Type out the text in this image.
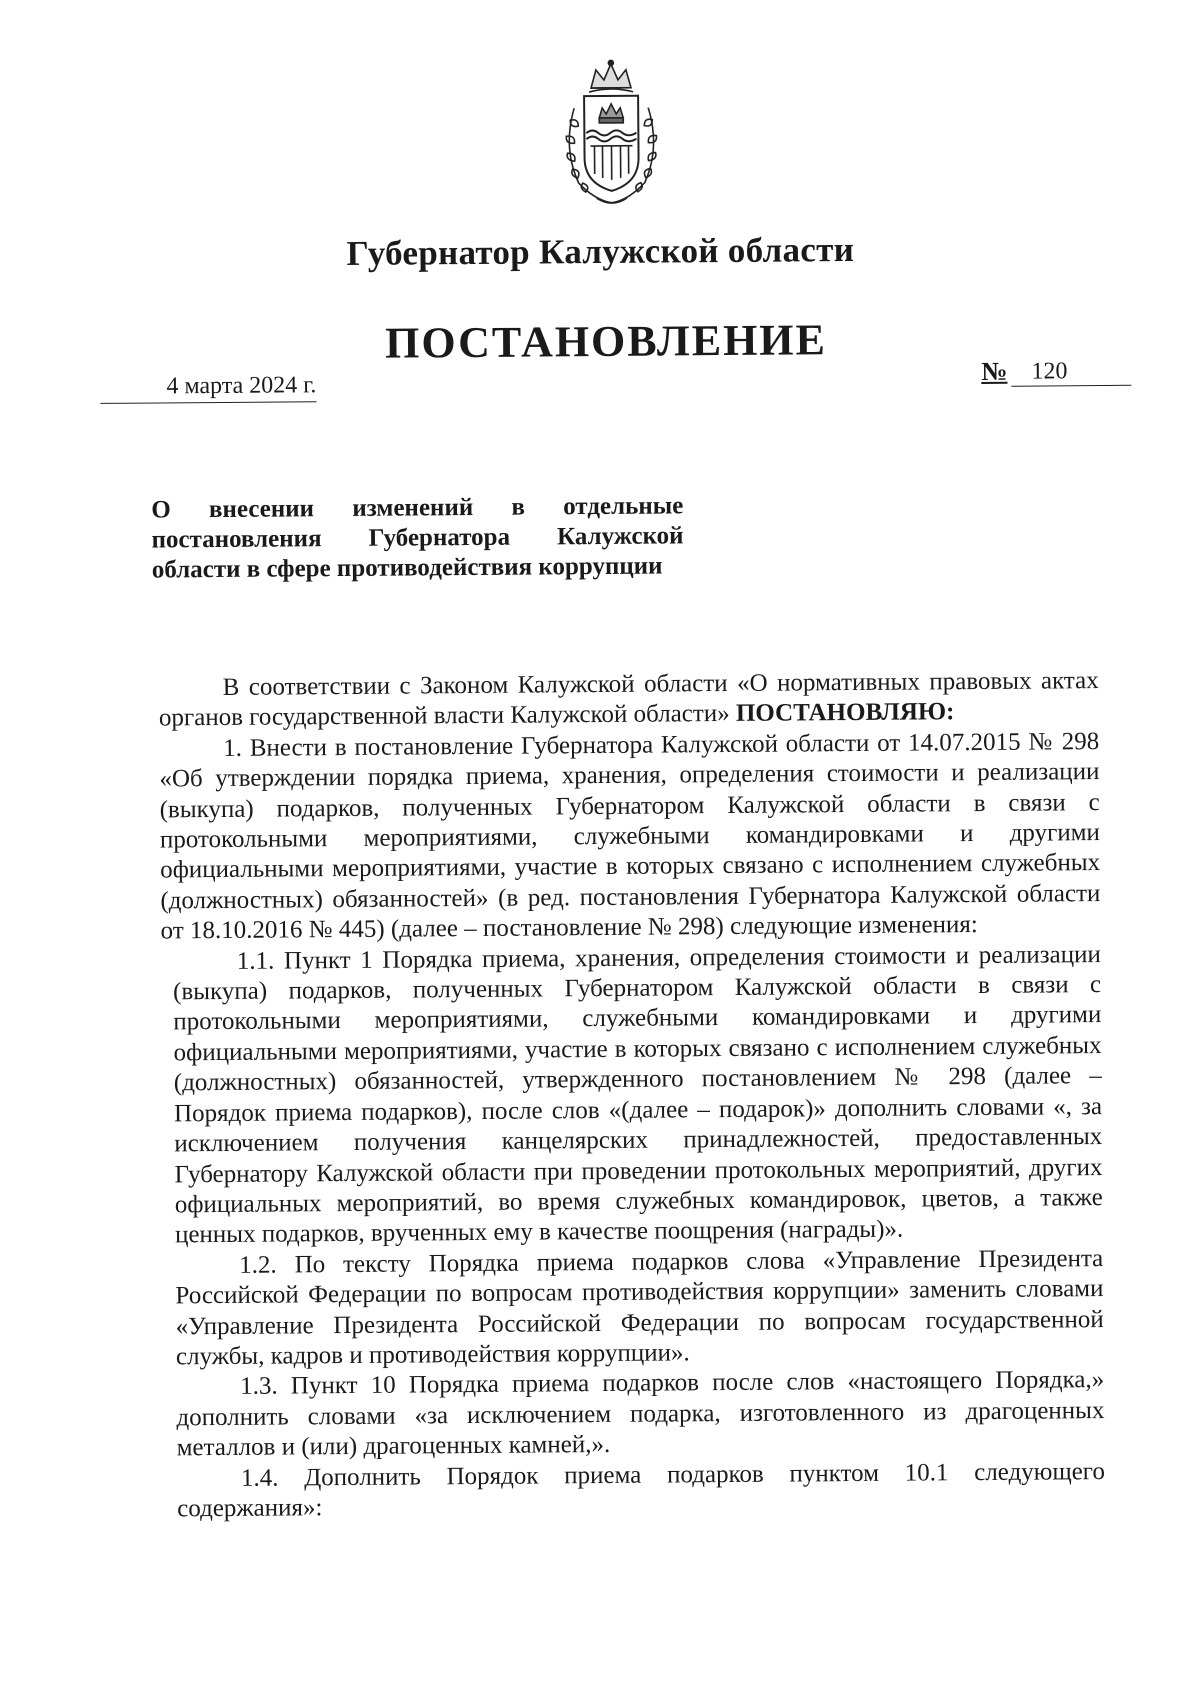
Губернатор Калужской области
ПОСТАНОВЛЕНИЕ
4 марта 2024 г.	№ 120
О внесении изменений в отдельные постановления Губернатора Калужской области в сфере противодействия коррупции

В соответствии с Законом Калужской области «О нормативных правовых актах органов государственной власти Калужской области» ПОСТАНОВЛЯЮ:

1. Внести в постановление Губернатора Калужской области от 14.07.2015 № 298 «Об утверждении порядка приема, хранения, определения стоимости и реализации (выкупа) подарков, полученных Губернатором Калужской области в связи с протокольными мероприятиями, служебными командировками и другими официальными мероприятиями, участие в которых связано с исполнением служебных (должностных) обязанностей» (в ред. постановления Губернатора Калужской области от 18.10.2016 № 445) (далее – постановление № 298) следующие изменения:

1.1. Пункт 1 Порядка приема, хранения, определения стоимости и реализации (выкупа) подарков, полученных Губернатором Калужской области в связи с протокольными мероприятиями, служебными командировками и другими официальными мероприятиями, участие в которых связано с исполнением служебных (должностных) обязанностей, утвержденного постановлением № 298 (далее – Порядок приема подарков), после слов «(далее – подарок)» дополнить словами «, за исключением получения канцелярских принадлежностей, предоставленных Губернатору Калужской области при проведении протокольных мероприятий, других официальных мероприятий, во время служебных командировок, цветов, а также ценных подарков, врученных ему в качестве поощрения (награды)».

1.2. По тексту Порядка приема подарков слова «Управление Президента Российской Федерации по вопросам противодействия коррупции» заменить словами «Управление Президента Российской Федерации по вопросам государственной службы, кадров и противодействия коррупции».

1.3. Пункт 10 Порядка приема подарков после слов «настоящего Порядка,» дополнить словами «за исключением подарка, изготовленного из драгоценных металлов и (или) драгоценных камней,».

1.4. Дополнить Порядок приема подарков пунктом 10.1 следующего содержания»:
